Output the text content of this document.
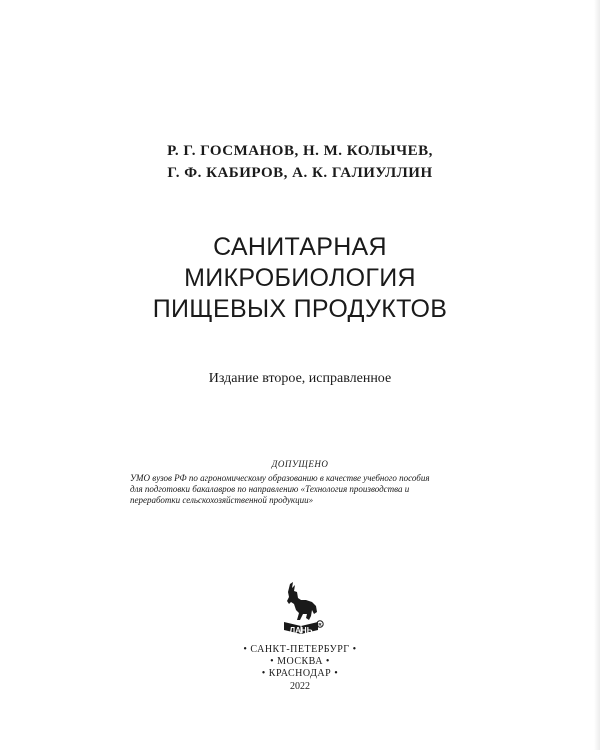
Р. Г. ГОСМАНОВ, Н. М. КОЛЫЧЕВ,
Г. Ф. КАБИРОВ, А. К. ГАЛИУЛЛИН
САНИТАРНАЯ
МИКРОБИОЛОГИЯ
ПИЩЕВЫХ ПРОДУКТОВ
Издание второе, исправленное
ДОПУЩЕНО
УМО вузов РФ по агрономическому образованию в качестве учебного пособия
для подготовки бакалавров по направлению «Технология производства и
переработки сельскохозяйственной продукции»
R
ЛАНЬ
• САНКТ-ПЕТЕРБУРГ •
• МОСКВА •
• КРАСНОДАР •
2022
